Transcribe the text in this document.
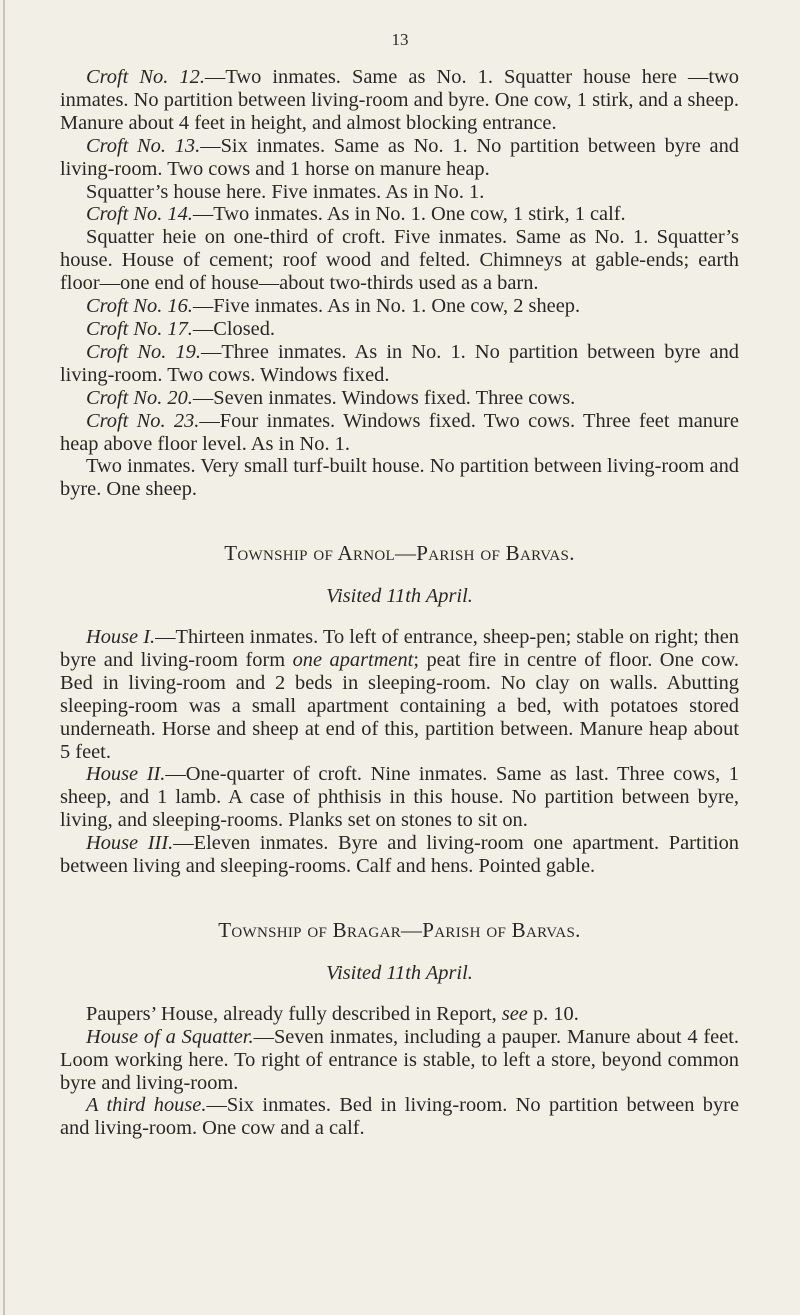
13

Croft No. 12.—Two inmates. Same as No. 1. Squatter house here —two inmates. No partition between living-room and byre. One cow, 1 stirk, and a sheep. Manure about 4 feet in height, and almost blocking entrance.

Croft No. 13.—Six inmates. Same as No. 1. No partition between byre and living-room. Two cows and 1 horse on manure heap.

Squatter’s house here. Five inmates. As in No. 1.

Croft No. 14.—Two inmates. As in No. 1. One cow, 1 stirk, 1 calf.

Squatter heie on one-third of croft. Five inmates. Same as No. 1. Squatter’s house. House of cement; roof wood and felted. Chimneys at gable-ends; earth floor—one end of house—about two-thirds used as a barn.

Croft No. 16.—Five inmates. As in No. 1. One cow, 2 sheep.

Croft No. 17.—Closed.

Croft No. 19.—Three inmates. As in No. 1. No partition between byre and living-room. Two cows. Windows fixed.

Croft No. 20.—Seven inmates. Windows fixed. Three cows.

Croft No. 23.—Four inmates. Windows fixed. Two cows. Three feet manure heap above floor level. As in No. 1.

Two inmates. Very small turf-built house. No partition between living-room and byre. One sheep.

Township of Arnol—Parish of Barvas.
Visited 11th April.

House I.—Thirteen inmates. To left of entrance, sheep-pen; stable on right; then byre and living-room form one apartment; peat fire in centre of floor. One cow. Bed in living-room and 2 beds in sleeping-room. No clay on walls. Abutting sleeping-room was a small apartment containing a bed, with potatoes stored underneath. Horse and sheep at end of this, partition between. Manure heap about 5 feet.

House II.—One-quarter of croft. Nine inmates. Same as last. Three cows, 1 sheep, and 1 lamb. A case of phthisis in this house. No partition between byre, living, and sleeping-rooms. Planks set on stones to sit on.

House III.—Eleven inmates. Byre and living-room one apartment. Partition between living and sleeping-rooms. Calf and hens. Pointed gable.

Township of Bragar—Parish of Barvas.
Visited 11th April.

Paupers’ House, already fully described in Report, see p. 10.

House of a Squatter.—Seven inmates, including a pauper. Manure about 4 feet. Loom working here. To right of entrance is stable, to left a store, beyond common byre and living-room.

A third house.—Six inmates. Bed in living-room. No partition between byre and living-room. One cow and a calf.
